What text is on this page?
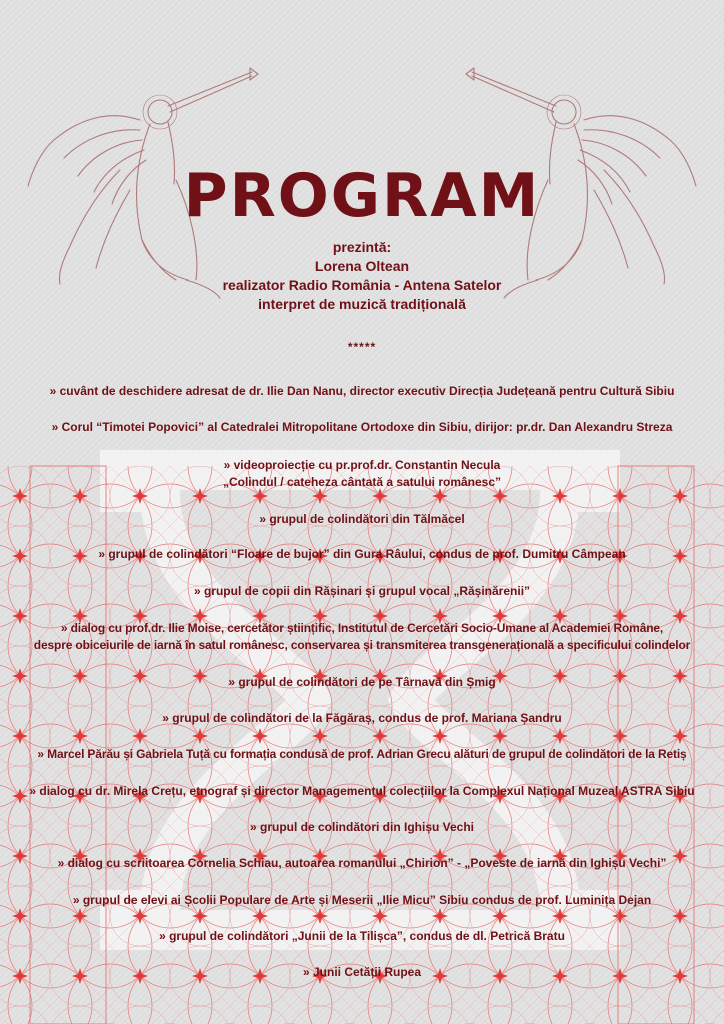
PROGRAM
prezintă:
Lorena Oltean
realizator Radio România - Antena Satelor
interpret de muzică tradițională
*****
» cuvânt de deschidere adresat de dr. Ilie Dan Nanu, director executiv Direcția Județeană pentru Cultură Sibiu
» Corul “Timotei Popovici” al Catedralei Mitropolitane Ortodoxe din Sibiu, dirijor: pr.dr. Dan Alexandru Streza
» videoproiecție cu pr.prof.dr. Constantin Necula
„Colindul / cateheza cântată a satului românesc”
» grupul de colindători din Tălmăcel
» grupul de colindători “Floare de bujor” din Gura Râului, condus de prof. Dumitru Câmpean
» grupul de copii din Rășinari și grupul vocal „Rășinărenii”
» dialog cu prof.dr. Ilie Moise, cercetător științific, Institutul de Cercetări Socio-Umane al Academiei Române,
despre obiceiurile de iarnă în satul românesc, conservarea și transmiterea transgenerațională a specificului colindelor
» grupul de colindători de pe Târnavă din Șmig
» grupul de colindători de la Făgăraș, condus de prof. Mariana Șandru
» Marcel Părău și Gabriela Tuță cu formația condusă de prof. Adrian Grecu alături de grupul de colindători de la Retiș
» dialog cu dr. Mirela Crețu, etnograf și director Managementul colecțiilor la Complexul Național Muzeal ASTRA Sibiu
» grupul de colindători din Ighișu Vechi
» dialog cu scriitoarea Cornelia Schiau, autoarea romanului „Chirion” - „Poveste de iarnă din Ighișu Vechi”
» grupul de elevi ai Școlii Populare de Arte și Meserii „Ilie Micu” Sibiu condus de prof. Luminița Dejan
» grupul de colindători „Junii de la Tilișca”, condus de dl. Petrică Bratu
» Junii Cetății Rupea
